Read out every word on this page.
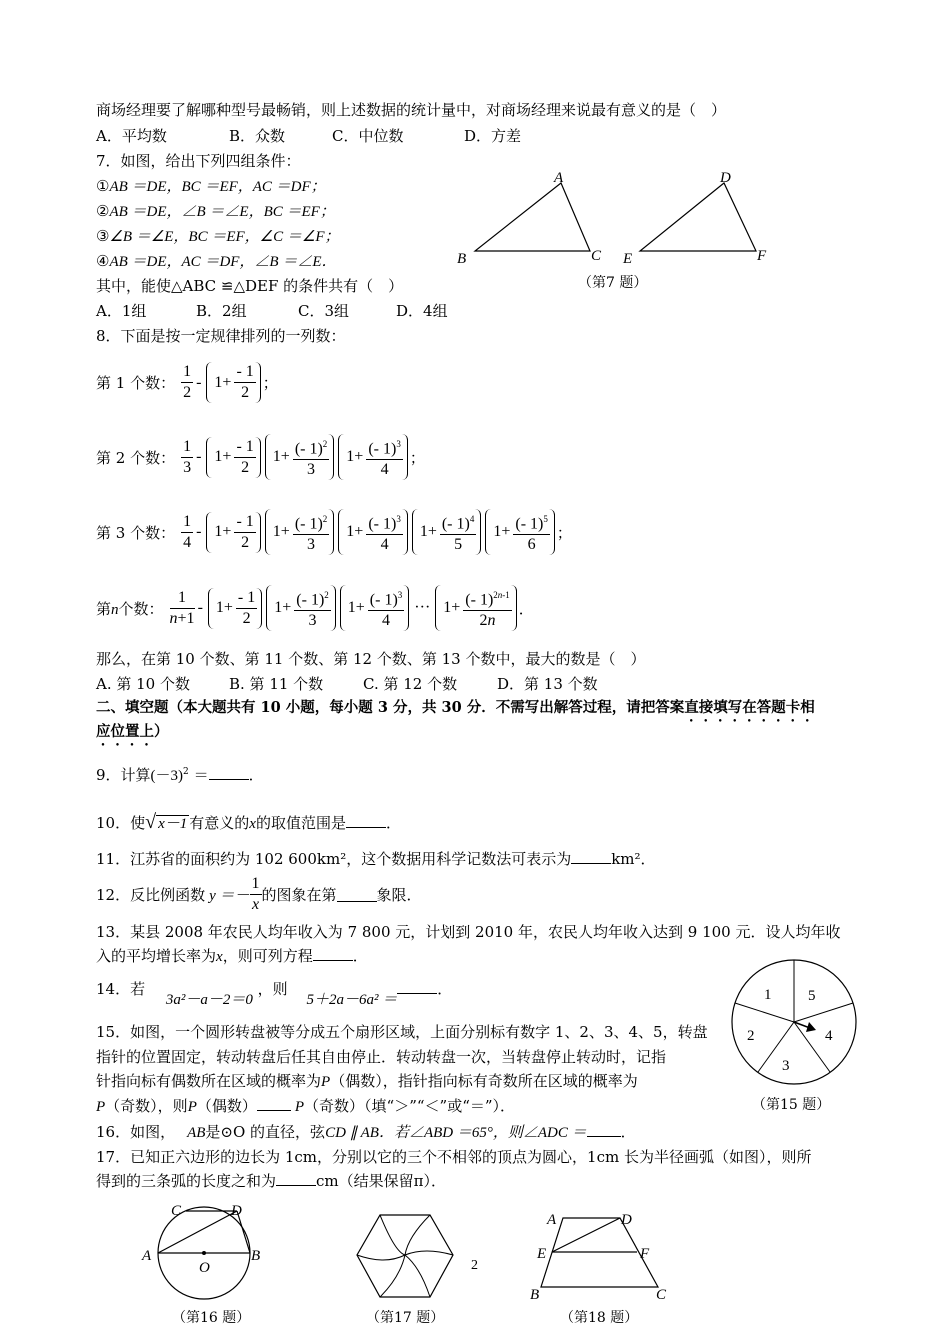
商场经理要了解哪种型号最畅销，则上述数据的统计量中，对商场经理来说最有意义的是（　）
A．平均数	B．众数	C．中位数	D．方差
7．如图，给出下列四组条件：
①AB ＝DE，BC ＝EF，AC ＝DF；
②AB ＝DE，∠B ＝∠E，BC ＝EF；
③∠B ＝∠E，BC ＝EF，∠C ＝∠F；
④AB ＝DE，AC ＝DF，∠B ＝∠E．
其中，能使△ABC ≌△DEF 的条件共有（　）
A．1组	B．2组	C．3组	D．4组
A
B	C
D
E	F
（第7 题）
8．下面是按一定规律排列的一列数：
第 1 个数： $\frac{1}{2} - 1+ \frac{- 1}{2}$ ；
第 2 个数： $\frac{1}{3} - 1+ \frac{- 1}{2}$	$1+ \frac{(- 1)^2}{3}$	$1+ \frac{(- 1)^3}{4}$ ；
第 3 个数： $\frac{1}{4} - 1+ \frac{- 1}{2}$	$1+ \frac{(- 1)^2}{3}$	$1+ \frac{(- 1)^3}{4}$	$1+ \frac{(- 1)^4}{5}$	$1+ \frac{(- 1)^5}{6}$ ；
第n个数： $\frac{1}{n+1} - 1+ \frac{- 1}{2}$	$1+ \frac{(- 1)^2}{3}$	$1+ \frac{(- 1)^3}{4}$ ··· $1+ \frac{(- 1)^{2n-1}}{2n}$ ．
那么，在第 10 个数、第 11 个数、第 12 个数、第 13 个数中，最大的数是（　）
A. 第 10 个数	B. 第 11 个数	C. 第 12 个数	D．第 13 个数
二、填空题（本大题共有 10 小题，每小题 3 分，共 30 分．不需写出解答过程，请把答案直接填写在答题卡相
应位置上）
9．计算$(-3)^2$ ＝	．
10．使√ x－1 有意义的x的取值范围是	．
11．江苏省的面积约为 102 600km²，这个数据用科学记数法可表示为	km²．
12．反比例函数 $y =- \frac{1}{x}$ 的图象在第	象限．
13．某县 2008 年农民人均年收入为 7 800 元，计划到 2010 年，农民人均年收入达到 9 100 元．设人均年收
入的平均增长率为x，则可列方程	．
14．若 3a²－a－2＝0 ，则 5＋2a－6a² ＝．
15．如图，一个圆形转盘被等分成五个扇形区域，上面分别标有数字 1、2、3、4、5，转盘
指针的位置固定，转动转盘后任其自由停止．转动转盘一次，当转盘停止转动时，记指
针指向标有偶数所在区域的概率为P（偶数），指针指向标有奇数所在区域的概率为
P（奇数），则P（偶数）	P（奇数）（填“＞”“＜”或“＝”）．
1 5
4
3
2
（第15 题）
16．如图， AB是⊙O 的直径，弦CD ∥ AB．若∠ABD ＝65°，则∠ADC ＝ ．
17．已知正六边形的边长为 1cm，分别以它的三个不相邻的顶点为圆心，1cm 长为半径画弧（如图），则所
得到的三条弧的长度之和为	cm（结果保留π）．
C	D
A	B
O
（第16 题）	（第17 题）
2
A	D
E	F
B	C
（第18 题）
